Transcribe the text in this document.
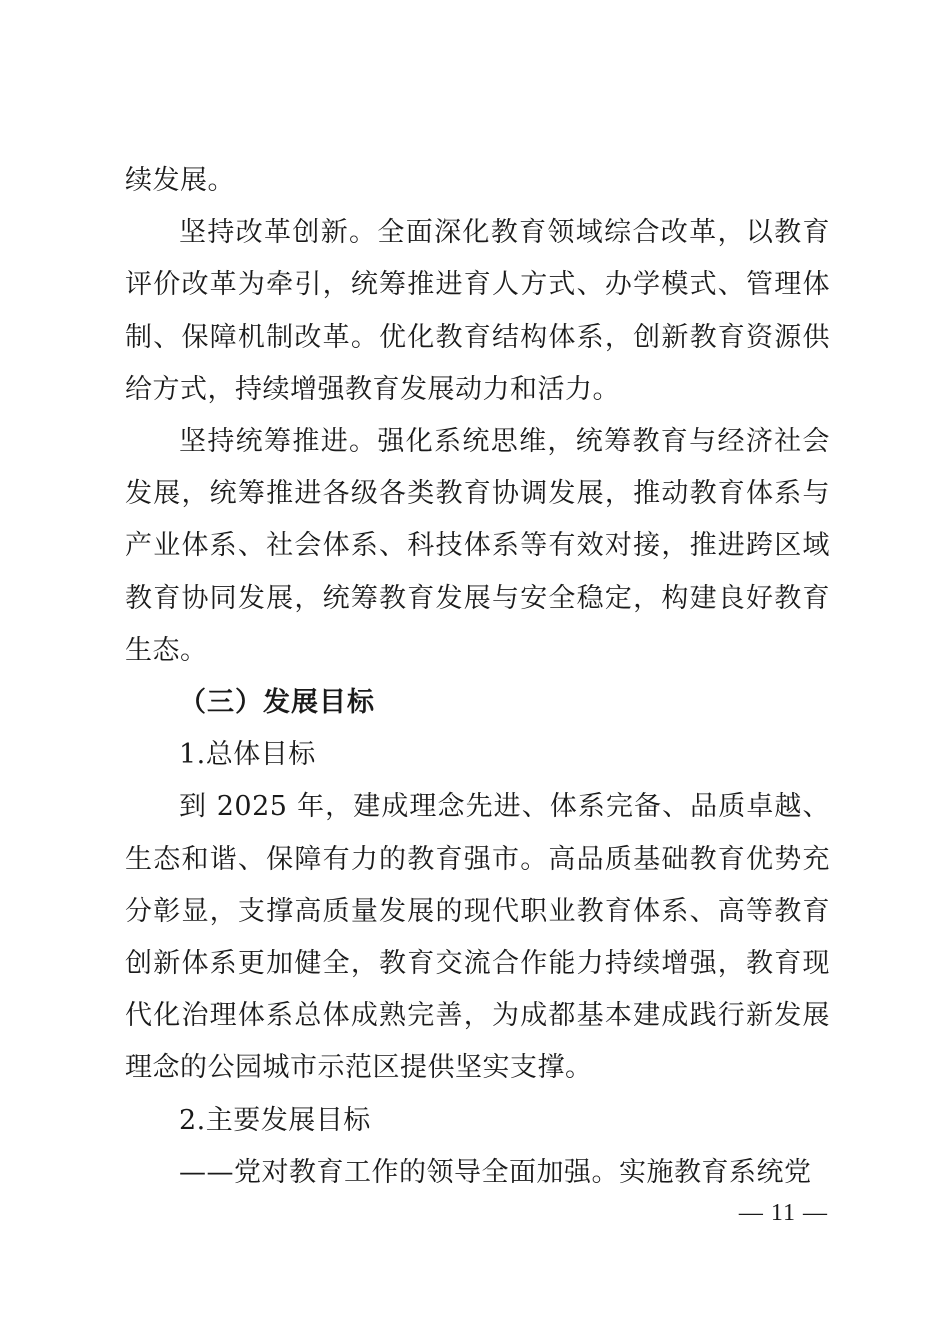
续发展。

坚持改革创新。全面深化教育领域综合改革，以教育评价改革为牵引，统筹推进育人方式、办学模式、管理体制、保障机制改革。优化教育结构体系，创新教育资源供给方式，持续增强教育发展动力和活力。

坚持统筹推进。强化系统思维，统筹教育与经济社会发展，统筹推进各级各类教育协调发展，推动教育体系与产业体系、社会体系、科技体系等有效对接，推进跨区域教育协同发展，统筹教育发展与安全稳定，构建良好教育生态。

（三）发展目标

1.总体目标

到 2025 年，建成理念先进、体系完备、品质卓越、生态和谐、保障有力的教育强市。高品质基础教育优势充分彰显，支撑高质量发展的现代职业教育体系、高等教育创新体系更加健全，教育交流合作能力持续增强，教育现代化治理体系总体成熟完善，为成都基本建成践行新发展理念的公园城市示范区提供坚实支撑。

2.主要发展目标

——党对教育工作的领导全面加强。实施教育系统党

— 11 —
